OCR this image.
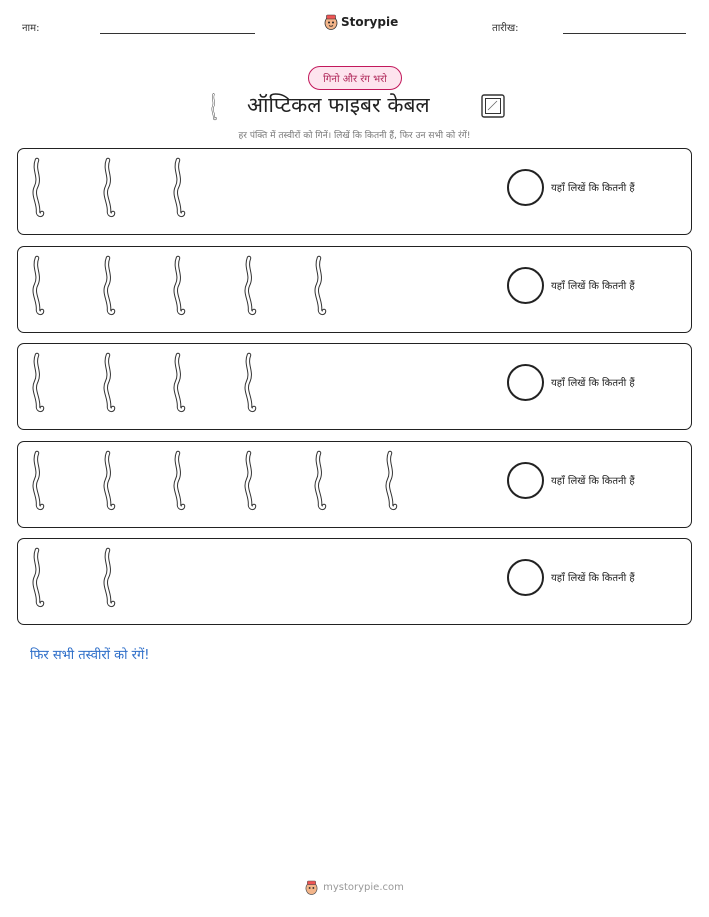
नाम:	Storypie	तारीख:
गिनो और रंग भरो
ऑप्टिकल फाइबर केबल
हर पंक्ति में तस्वीरों को गिनें। लिखें कि कितनी हैं, फिर उन सभी को रंगें!
यहाँ लिखें कि कितनी हैं
यहाँ लिखें कि कितनी हैं
यहाँ लिखें कि कितनी हैं
यहाँ लिखें कि कितनी हैं
यहाँ लिखें कि कितनी हैं
फिर सभी तस्वीरों को रंगें!
mystorypie.com
